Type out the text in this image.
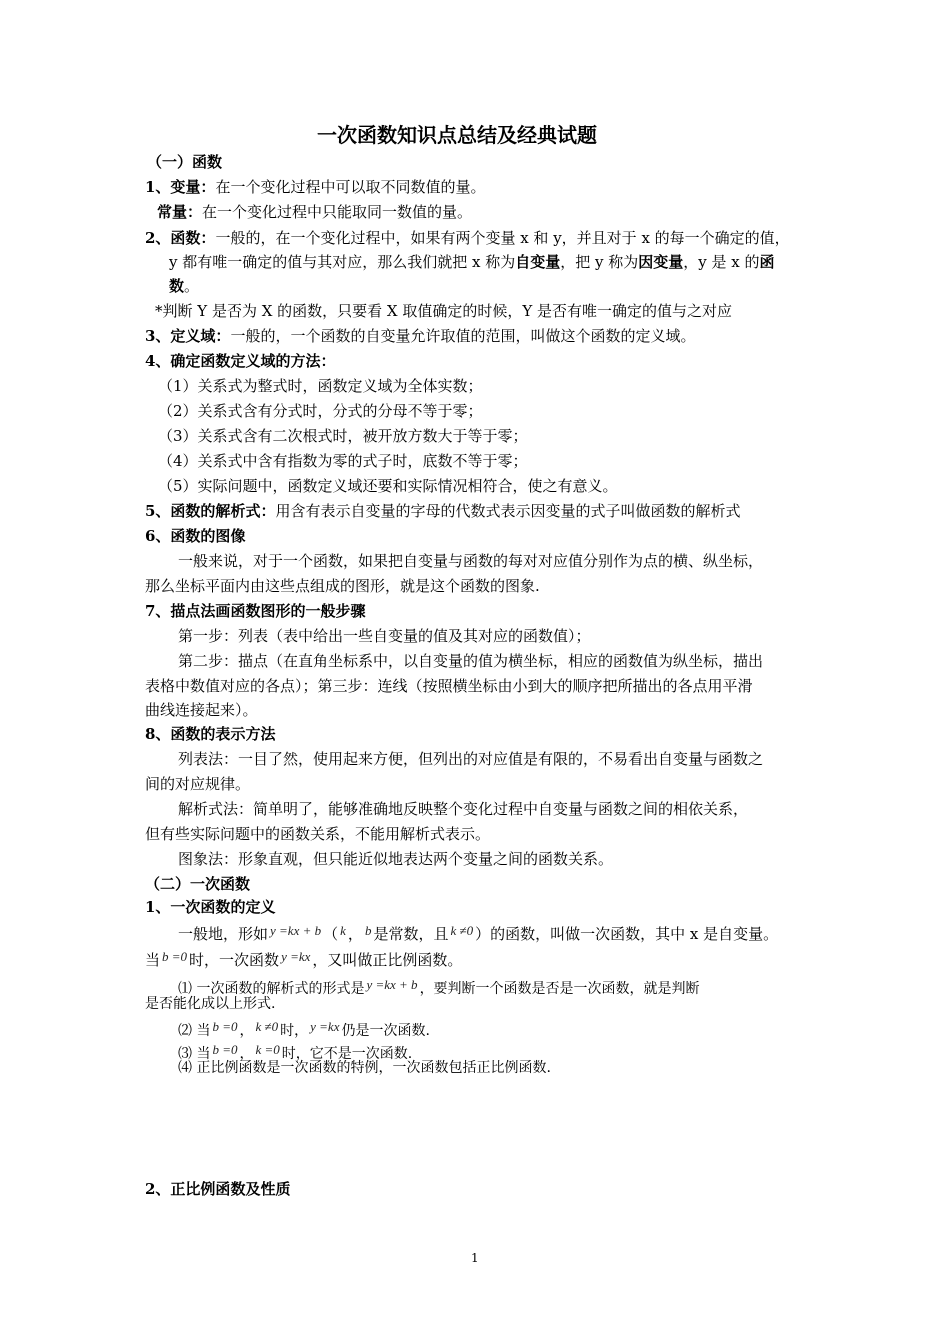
一次函数知识点总结及经典试题
（一）函数
1、变量：在一个变化过程中可以取不同数值的量。
常量：在一个变化过程中只能取同一数值的量。
2、函数：一般的，在一个变化过程中，如果有两个变量 x 和 y，并且对于 x 的每一个确定的值，
y 都有唯一确定的值与其对应，那么我们就把 x 称为自变量，把 y 称为因变量，y 是 x 的函
数。
*判断 Y 是否为 X 的函数，只要看 X 取值确定的时候，Y 是否有唯一确定的值与之对应
3、定义域：一般的，一个函数的自变量允许取值的范围，叫做这个函数的定义域。
4、确定函数定义域的方法：
（1）关系式为整式时，函数定义域为全体实数；
（2）关系式含有分式时，分式的分母不等于零；
（3）关系式含有二次根式时，被开放方数大于等于零；
（4）关系式中含有指数为零的式子时，底数不等于零；
（5）实际问题中，函数定义域还要和实际情况相符合，使之有意义。
5、函数的解析式：用含有表示自变量的字母的代数式表示因变量的式子叫做函数的解析式
6、函数的图像
一般来说，对于一个函数，如果把自变量与函数的每对对应值分别作为点的横、纵坐标，
那么坐标平面内由这些点组成的图形，就是这个函数的图象.
7、描点法画函数图形的一般步骤
第一步：列表（表中给出一些自变量的值及其对应的函数值）；
第二步：描点（在直角坐标系中，以自变量的值为横坐标，相应的函数值为纵坐标，描出
表格中数值对应的各点）；第三步：连线（按照横坐标由小到大的顺序把所描出的各点用平滑
曲线连接起来）。
8、函数的表示方法
列表法：一目了然，使用起来方便，但列出的对应值是有限的，不易看出自变量与函数之
间的对应规律。
解析式法：简单明了，能够准确地反映整个变化过程中自变量与函数之间的相依关系，
但有些实际问题中的函数关系，不能用解析式表示。
图象法：形象直观，但只能近似地表达两个变量之间的函数关系。
（二）一次函数
1、一次函数的定义
一般地，形如 y =kx + b （ k ， b 是常数，且 k ≠0 ）的函数，叫做一次函数，其中 x 是自变量。
当 b =0 时，一次函数 y =kx ，又叫做正比例函数。
⑴ 一次函数的解析式的形式是 y =kx + b ，要判断一个函数是否是一次函数，就是判断
是否能化成以上形式.
⑵ 当 b =0 ， k ≠0 时， y =kx 仍是一次函数.
⑶ 当 b =0 ， k =0 时，它不是一次函数.
⑷ 正比例函数是一次函数的特例，一次函数包括正比例函数.
2、正比例函数及性质
1
